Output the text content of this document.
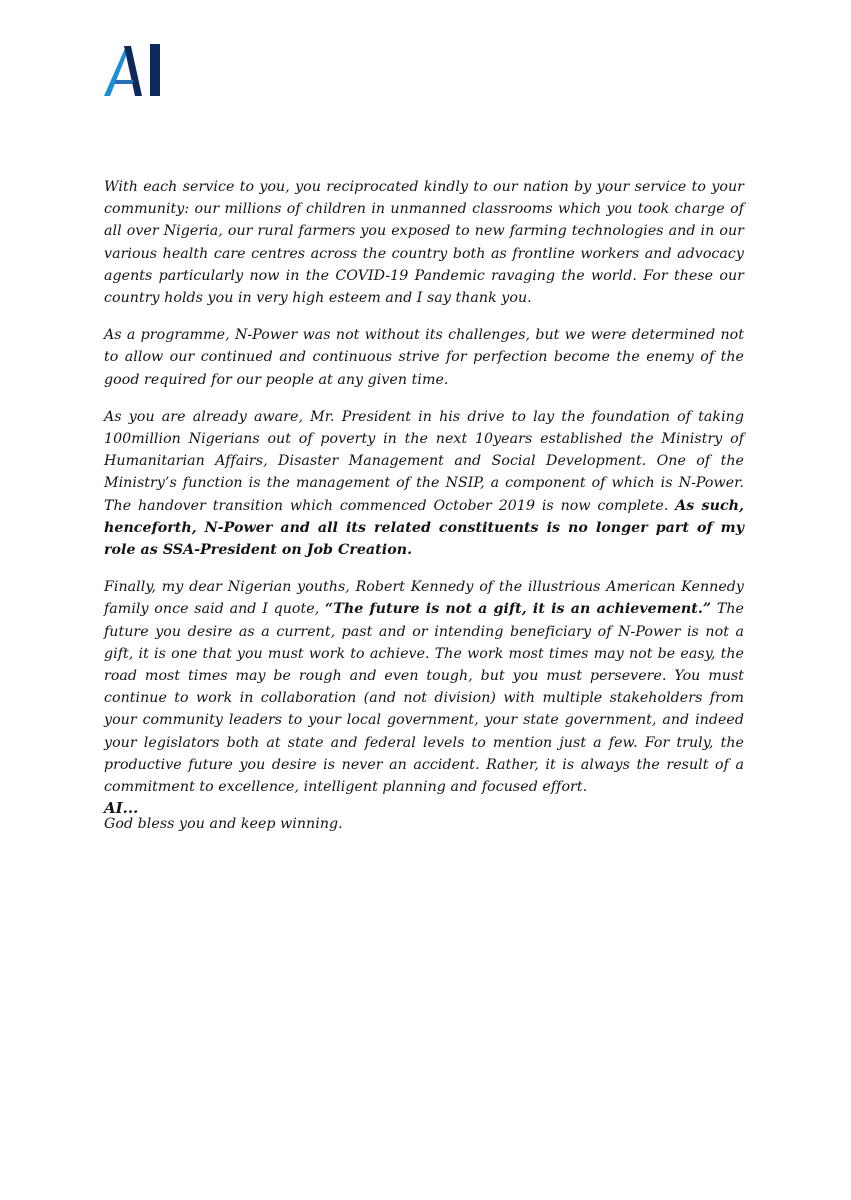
With each service to you, you reciprocated kindly to our nation by your service to your community: our millions of children in unmanned classrooms which you took charge of all over Nigeria, our rural farmers you exposed to new farming technologies and in our various health care centres across the country both as frontline workers and advocacy agents particularly now in the COVID-19 Pandemic ravaging the world. For these our country holds you in very high esteem and I say thank you.

As a programme, N-Power was not without its challenges, but we were determined not to allow our continued and continuous strive for perfection become the enemy of the good required for our people at any given time.

As you are already aware, Mr. President in his drive to lay the foundation of taking 100million Nigerians out of poverty in the next 10years established the Ministry of Humanitarian Affairs, Disaster Management and Social Development. One of the Ministry’s function is the management of the NSIP, a component of which is N-Power. The handover transition which commenced October 2019 is now complete. As such, henceforth, N-Power and all its related constituents is no longer part of my role as SSA-President on Job Creation.

Finally, my dear Nigerian youths, Robert Kennedy of the illustrious American Kennedy family once said and I quote, “The future is not a gift, it is an achievement.” The future you desire as a current, past and or intending beneficiary of N-Power is not a gift, it is one that you must work to achieve. The work most times may not be easy, the road most times may be rough and even tough, but you must persevere. You must continue to work in collaboration (and not division) with multiple stakeholders from your community leaders to your local government, your state government, and indeed your legislators both at state and federal levels to mention just a few. For truly, the productive future you desire is never an accident. Rather, it is always the result of a commitment to excellence, intelligent planning and focused effort.

God bless you and keep winning.

AI...
